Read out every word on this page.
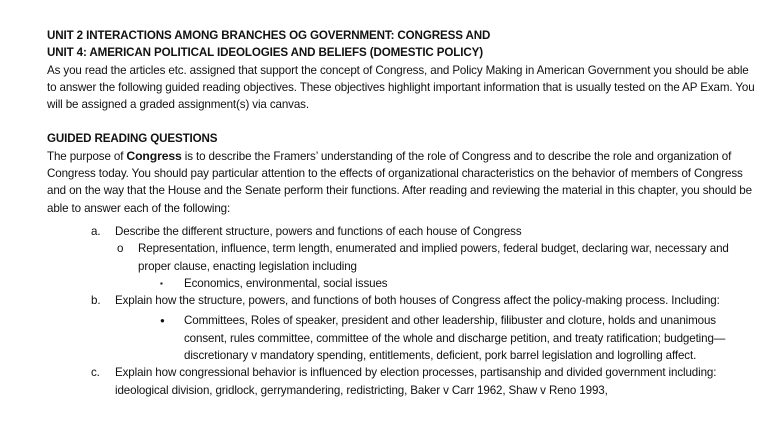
UNIT 2 INTERACTIONS AMONG BRANCHES OG GOVERNMENT: CONGRESS AND

UNIT 4: AMERICAN POLITICAL IDEOLOGIES AND BELIEFS (DOMESTIC POLICY)

As you read the articles etc. assigned that support the concept of Congress, and Policy Making in American Government you should be able to answer the following guided reading objectives. These objectives highlight important information that is usually tested on the AP Exam. You will be assigned a graded assignment(s) via canvas.

GUIDED READING QUESTIONS

The purpose of Congress is to describe the Framers’ understanding of the role of Congress and to describe the role and organization of Congress today. You should pay particular attention to the effects of organizational characteristics on the behavior of members of Congress and on the way that the House and the Senate perform their functions. After reading and reviewing the material in this chapter, you should be able to answer each of the following:

a. Describe the different structure, powers and functions of each house of Congress
o Representation, influence, term length, enumerated and implied powers, federal budget, declaring war, necessary and proper clause, enacting legislation including
▪ Economics, environmental, social issues
b. Explain how the structure, powers, and functions of both houses of Congress affect the policy-making process. Including:
● Committees, Roles of speaker, president and other leadership, filibuster and cloture, holds and unanimous consent, rules committee, committee of the whole and discharge petition, and treaty ratification; budgeting—discretionary v mandatory spending, entitlements, deficient, pork barrel legislation and logrolling affect.
c. Explain how congressional behavior is influenced by election processes, partisanship and divided government including: ideological division, gridlock, gerrymandering, redistricting, Baker v Carr 1962, Shaw v Reno 1993,
